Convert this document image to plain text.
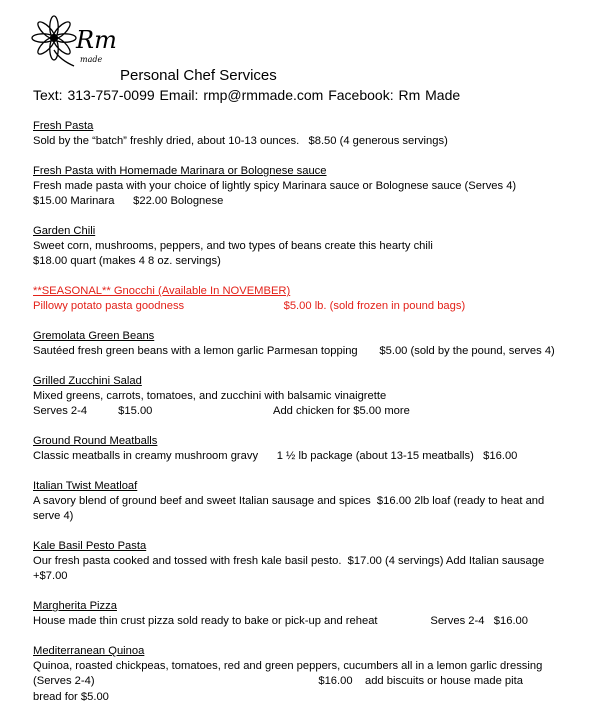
Rm
made
Personal Chef Services
Text: 313-757-0099 Email: rmp@rmmade.com Facebook: Rm Made
Fresh Pasta
Sold by the “batch” freshly dried, about 10-13 ounces.   $8.50 (4 generous servings)
Fresh Pasta with Homemade Marinara or Bolognese sauce
Fresh made pasta with your choice of lightly spicy Marinara sauce or Bolognese sauce (Serves 4)
$15.00 Marinara      $22.00 Bolognese
Garden Chili
Sweet corn, mushrooms, peppers, and two types of beans create this hearty chili
$18.00 quart (makes 4 8 oz. servings)
**SEASONAL** Gnocchi (Available In NOVEMBER)
Pillowy potato pasta goodness                                $5.00 lb. (sold frozen in pound bags)
Gremolata Green Beans
Sautéed fresh green beans with a lemon garlic Parmesan topping       $5.00 (sold by the pound, serves 4)
Grilled Zucchini Salad
Mixed greens, carrots, tomatoes, and zucchini with balsamic vinaigrette
Serves 2-4          $15.00                                       Add chicken for $5.00 more
Ground Round Meatballs
Classic meatballs in creamy mushroom gravy      1 ½ lb package (about 13-15 meatballs)   $16.00
Italian Twist Meatloaf
A savory blend of ground beef and sweet Italian sausage and spices  $16.00 2lb loaf (ready to heat and
serve 4)
Kale Basil Pesto Pasta
Our fresh pasta cooked and tossed with fresh kale basil pesto.  $17.00 (4 servings) Add Italian sausage
+$7.00
Margherita Pizza
House made thin crust pizza sold ready to bake or pick-up and reheat                 Serves 2-4   $16.00
Mediterranean Quinoa
Quinoa, roasted chickpeas, tomatoes, red and green peppers, cucumbers all in a lemon garlic dressing
(Serves 2-4)                                                                        $16.00    add biscuits or house made pita
bread for $5.00
